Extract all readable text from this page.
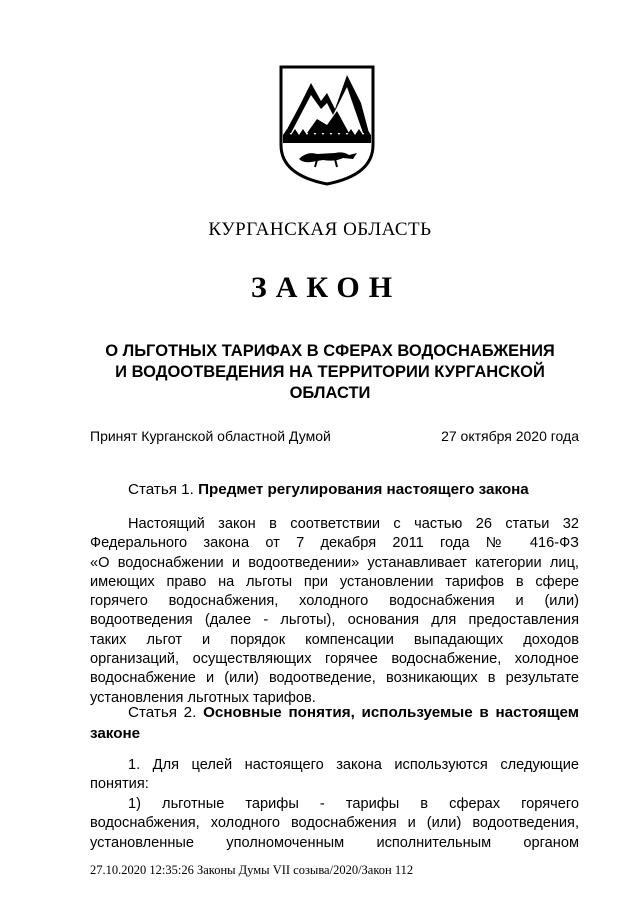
КУРГАНСКАЯ ОБЛАСТЬ
ЗАКОН
О ЛЬГОТНЫХ ТАРИФАХ В СФЕРАХ ВОДОСНАБЖЕНИЯ
И ВОДООТВЕДЕНИЯ НА ТЕРРИТОРИИ КУРГАНСКОЙ
ОБЛАСТИ
Принят Курганской областной Думой	27 октября 2020 года
Статья 1. Предмет регулирования настоящего закона
Настоящий закон в соответствии с частью 26 статьи 32
Федерального закона от 7 декабря 2011 года № 416-ФЗ
«О водоснабжении и водоотведении» устанавливает категории лиц,
имеющих право на льготы при установлении тарифов в сфере
горячего водоснабжения, холодного водоснабжения и (или)
водоотведения (далее - льготы), основания для предоставления
таких льгот и порядок компенсации выпадающих доходов
организаций, осуществляющих горячее водоснабжение, холодное
водоснабжение и (или) водоотведение, возникающих в результате
установления льготных тарифов.
Статья 2. Основные понятия, используемые в настоящем
законе
1. Для целей настоящего закона используются следующие
понятия:
1) льготные тарифы - тарифы в сферах горячего
водоснабжения, холодного водоснабжения и (или) водоотведения,
установленные уполномоченным исполнительным органом
27.10.2020 12:35:26 Законы Думы VII созыва/2020/Закон 112
